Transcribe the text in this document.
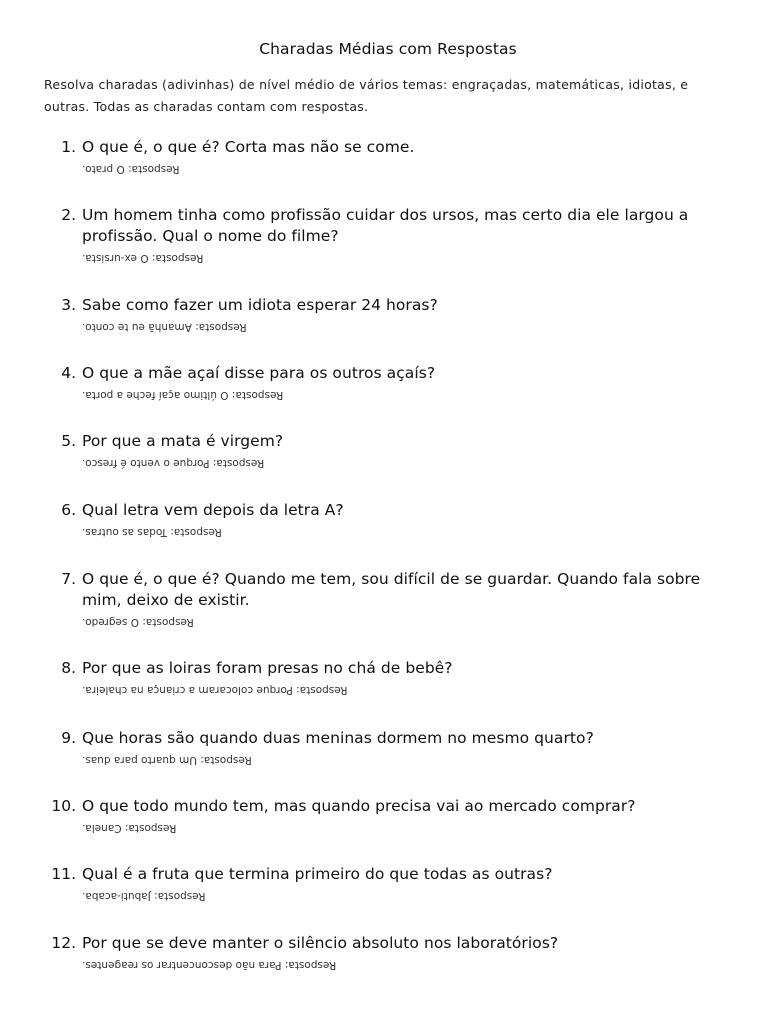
Charadas Médias com Respostas
Resolva charadas (adivinhas) de nível médio de vários temas: engraçadas, matemáticas, idiotas, e outras. Todas as charadas contam com respostas.
1. O que é, o que é? Corta mas não se come.
Resposta: O prato.
2. Um homem tinha como profissão cuidar dos ursos, mas certo dia ele largou a profissão. Qual o nome do filme?
Resposta: O ex-ursista.
3. Sabe como fazer um idiota esperar 24 horas?
Resposta: Amanhã eu te conto.
4. O que a mãe açaí disse para os outros açaís?
Resposta: O último açaí feche a porta.
5. Por que a mata é virgem?
Resposta: Porque o vento é fresco.
6. Qual letra vem depois da letra A?
Resposta: Todas as outras.
7. O que é, o que é? Quando me tem, sou difícil de se guardar. Quando fala sobre mim, deixo de existir.
Resposta: O segredo.
8. Por que as loiras foram presas no chá de bebê?
Resposta: Porque colocaram a criança na chaleira.
9. Que horas são quando duas meninas dormem no mesmo quarto?
Resposta: Um quarto para duas.
10. O que todo mundo tem, mas quando precisa vai ao mercado comprar?
Resposta: Canela.
11. Qual é a fruta que termina primeiro do que todas as outras?
Resposta: Jabuti-acaba.
12. Por que se deve manter o silêncio absoluto nos laboratórios?
Resposta: Para não desconcentrar os reagentes.
